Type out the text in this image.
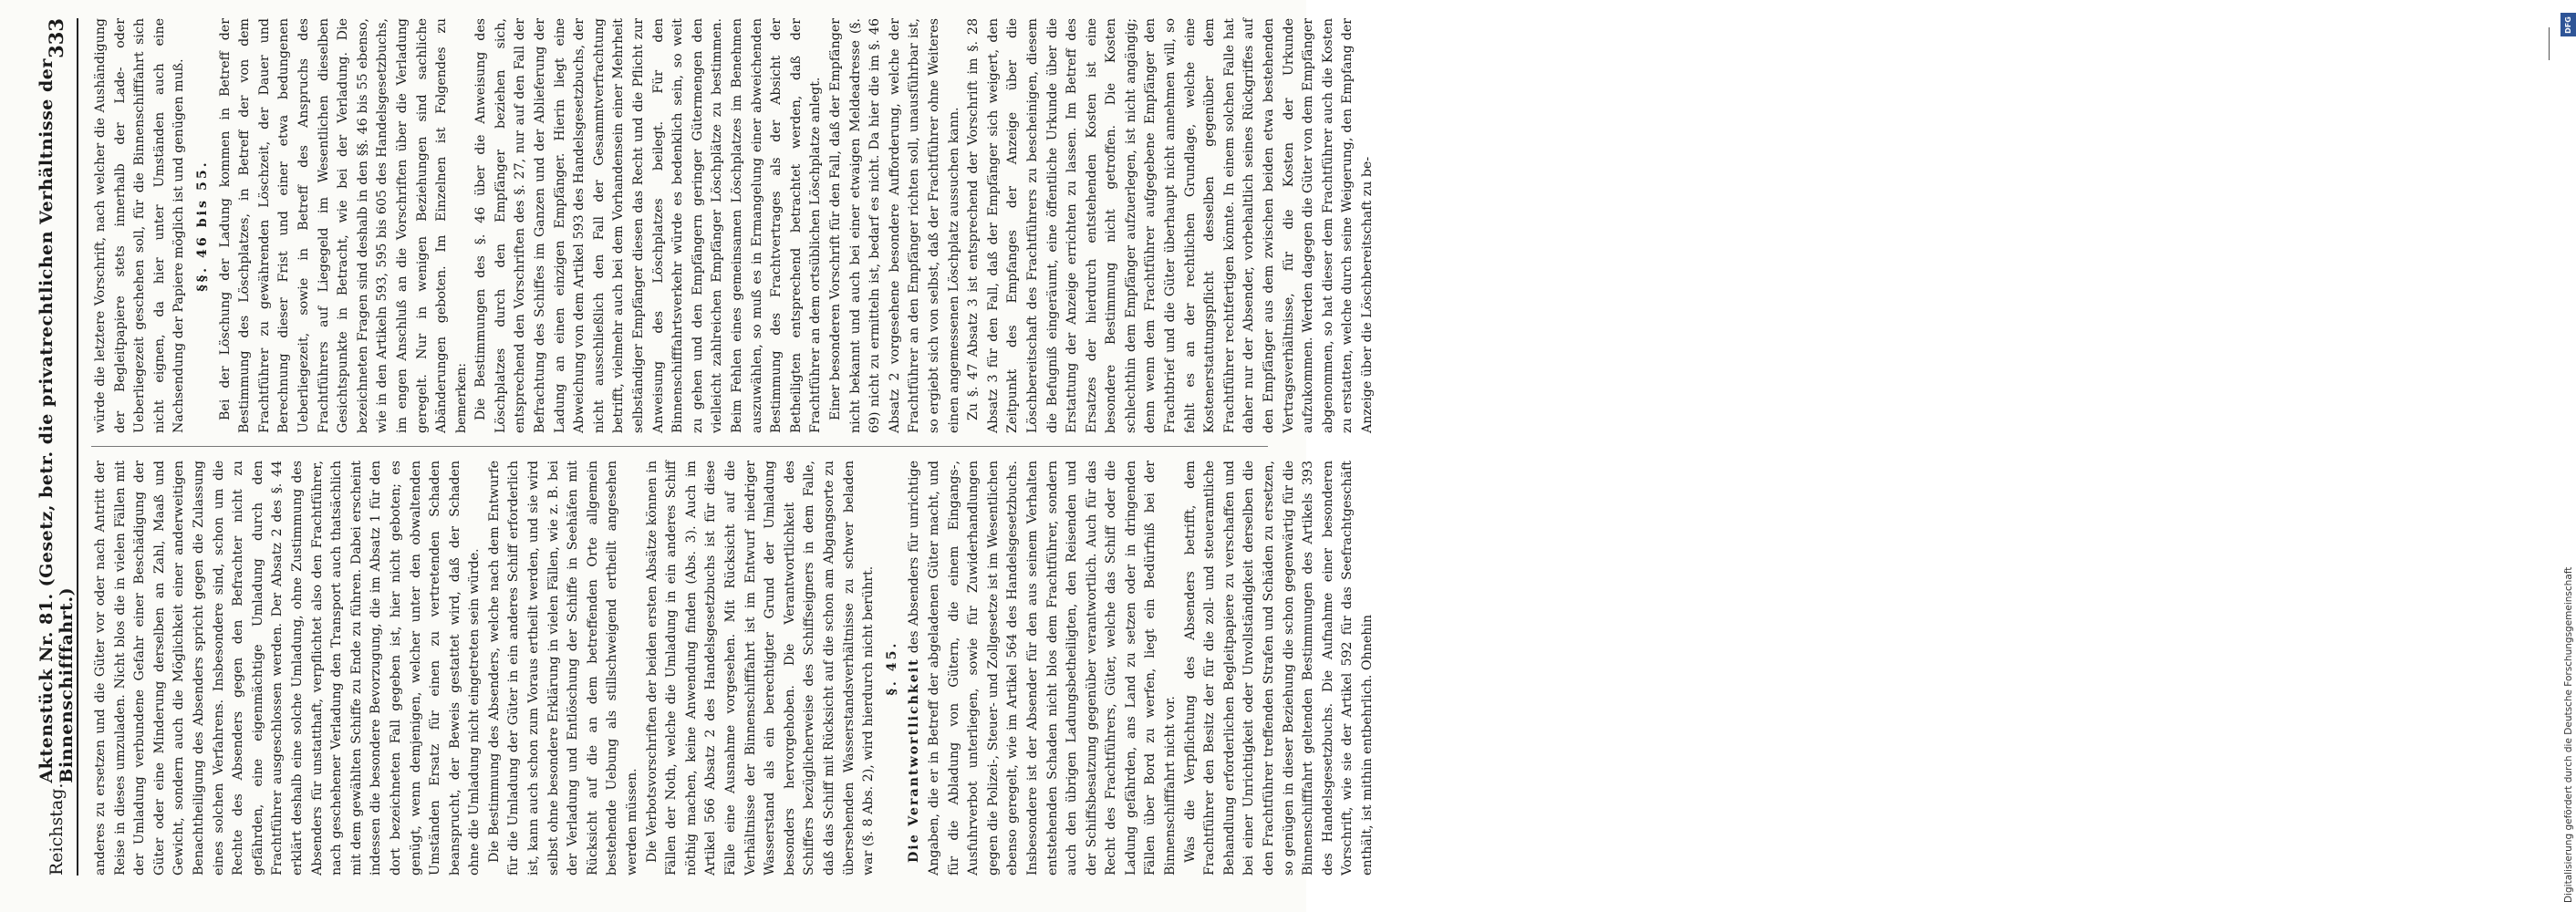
Reichstag.
Aktenstück Nr. 81. (Gesetz, betr. die privatrechtlichen Verhältnisse der Binnenschifffahrt.)
333

anderes zu ersetzen und die Güter vor oder nach Antritt der Reise in dieses umzuladen. Nicht blos die in vielen Fällen mit der Umladung verbundene Gefahr einer Beschädigung der Güter oder eine Minderung derselben an Zahl, Maaß und Gewicht, sondern auch die Möglichkeit einer anderweitigen Benachtheiligung des Absenders spricht gegen die Zulassung eines solchen Verfahrens. Insbesondere sind, schon um die Rechte des Absenders gegen den Befrachter nicht zu gefährden, eine eigenmächtige Umladung durch den Frachtführer ausgeschlossen werden. Der Absatz 2 des §. 44 erklärt deshalb eine solche Umladung, ohne Zustimmung des Absenders für unstatthaft, verpflichtet also den Frachtführer, nach geschehener Verladung den Transport auch thatsächlich mit dem gewählten Schiffe zu Ende zu führen. Dabei erscheint indessen die besondere Bevorzugung, die im Absatz 1 für den dort bezeichneten Fall gegeben ist, hier nicht geboten; es genügt, wenn demjenigen, welcher unter den obwaltenden Umständen Ersatz für einen zu vertretenden Schaden beansprucht, der Beweis gestattet wird, daß der Schaden ohne die Umladung nicht eingetreten sein würde. Die Bestimmung des Absenders, welche nach dem Entwurfe für die Umladung der Güter in ein anderes Schiff erforderlich ist, kann auch schon zum Voraus ertheilt werden, und sie wird selbst ohne besondere Erklärung in vielen Fällen, wie z. B. bei der Verladung und Entlöschung der Schiffe in Seehäfen mit Rücksicht auf die an dem betreffenden Orte allgemein bestehende Uebung als stillschweigend ertheilt angesehen werden müssen. Die Verbotsvorschriften der beiden ersten Absätze können in Fällen der Noth, welche die Umladung in ein anderes Schiff nöthig machen, keine Anwendung finden (Abs. 3). Auch im Artikel 566 Absatz 2 des Handelsgesetzbuchs ist für diese Fälle eine Ausnahme vorgesehen. Mit Rücksicht auf die Verhältnisse der Binnenschifffahrt ist im Entwurf niedriger Wasserstand als ein berechtigter Grund der Umladung besonders hervorgehoben. Die Verantwortlichkeit des Schiffers bezüglicherweise des Schiffseigners in dem Falle, daß das Schiff mit Rücksicht auf die schon am Abgangsorte zu übersehenden Wasserstandsverhältnisse zu schwer beladen war (§. 8 Abs. 2), wird hierdurch nicht berührt. §. 45. Die Verantwortlichkeit des Absenders für unrichtige Angaben, die er in Betreff der abgeladenen Güter macht, und für die Abladung von Gütern, die einem Eingangs-, Ausfuhrverbot unterliegen, sowie für Zuwiderhandlungen gegen die Polizei-, Steuer- und Zollgesetze ist im Wesentlichen ebenso geregelt, wie im Artikel 564 des Handelsgesetzbuchs. Insbesondere ist der Absender für den aus seinem Verhalten entstehenden Schaden nicht blos dem Frachtführer, sondern auch den übrigen Ladungsbetheiligten, den Reisenden und der Schiffsbesatzung gegenüber verantwortlich. Auch für das Recht des Frachtführers, Güter, welche das Schiff oder die Ladung gefährden, ans Land zu setzen oder in dringenden Fällen über Bord zu werfen, liegt ein Bedürfniß bei der Binnenschifffahrt nicht vor. Was die Verpflichtung des Absenders betrifft, dem Frachtführer den Besitz der für die zoll- und steueramtliche Behandlung erforderlichen Begleitpapiere zu verschaffen und bei einer Unrichtigkeit oder Unvollständigkeit derselben die den Frachtführer treffenden Strafen und Schäden zu ersetzen, so genügen in dieser Beziehung die schon gegenwärtig für die Binnenschifffahrt geltenden Bestimmungen des Artikels 393 des Handelsgesetzbuchs. Die Aufnahme einer besonderen Vorschrift, wie sie der Artikel 592 für das Seefrachtgeschäft enthält, ist mithin entbehrlich. Ohnehin

würde die letztere Vorschrift, nach welcher die Aushändigung der Begleitpapiere stets innerhalb der Lade- oder Ueberliegezeit geschehen soll, für die Binnenschifffahrt sich nicht eignen, da hier unter Umständen auch eine Nachsendung der Papiere möglich ist und genügen muß. §§. 46 bis 55. Bei der Löschung der Ladung kommen in Betreff der Bestimmung des Löschplatzes, in Betreff der von dem Frachtführer zu gewährenden Löschzeit, der Dauer und Berechnung dieser Frist und einer etwa bedungenen Ueberliegezeit, sowie in Betreff des Anspruchs des Frachtführers auf Liegegeld im Wesentlichen dieselben Gesichtspunkte in Betracht, wie bei der Verladung. Die bezeichneten Fragen sind deshalb in den §§. 46 bis 55 ebenso, wie in den Artikeln 593, 595 bis 605 des Handelsgesetzbuchs, im engen Anschluß an die Vorschriften über die Verladung geregelt. Nur in wenigen Beziehungen sind sachliche Abänderungen geboten. Im Einzelnen ist Folgendes zu bemerken: Die Bestimmungen des §. 46 über die Anweisung des Löschplatzes durch den Empfänger beziehen sich, entsprechend den Vorschriften des §. 27, nur auf den Fall der Befrachtung des Schiffes im Ganzen und der Ablieferung der Ladung an einen einzigen Empfänger. Hierin liegt eine Abweichung von dem Artikel 593 des Handelsgesetzbuchs, der nicht ausschließlich den Fall der Gesammtverfrachtung betrifft, vielmehr auch bei dem Vorhandensein einer Mehrheit selbständiger Empfänger diesen das Recht und die Pflicht zur Anweisung des Löschplatzes beilegt. Für den Binnenschifffahrtsverkehr würde es bedenklich sein, so weit zu gehen und den Empfängern geringer Gütermengen den vielleicht zahlreichen Empfänger Löschplätze zu bestimmen. Beim Fehlen eines gemeinsamen Löschplatzes im Benehmen auszuwählen, so muß es in Ermangelung einer abweichenden Bestimmung des Frachtvertrages als der Absicht der Betheiligten entsprechend betrachtet werden, daß der Frachtführer an dem ortsüblichen Löschplatze anlegt. Einer besonderen Vorschrift für den Fall, daß der Empfänger nicht bekannt und auch bei einer etwaigen Meldeadresse (§. 69) nicht zu ermitteln ist, bedarf es nicht. Da hier die im §. 46 Absatz 2 vorgesehene besondere Aufforderung, welche der Frachtführer an den Empfänger richten soll, unausführbar ist, so ergiebt sich von selbst, daß der Frachtführer ohne Weiteres einen angemessenen Löschplatz aussuchen kann. Zu §. 47 Absatz 3 ist entsprechend der Vorschrift im §. 28 Absatz 3 für den Fall, daß der Empfänger sich weigert, den Zeitpunkt des Empfanges der Anzeige über die Löschbereitschaft des Frachtführers zu bescheinigen, diesem die Befugniß eingeräumt, eine öffentliche Urkunde über die Erstattung der Anzeige errichten zu lassen. Im Betreff des Ersatzes der hierdurch entstehenden Kosten ist eine besondere Bestimmung nicht getroffen. Die Kosten schlechthin dem Empfänger aufzuerlegen, ist nicht angängig; denn wenn dem Frachtführer aufgegebene Empfänger den Frachtbrief und die Güter überhaupt nicht annehmen will, so fehlt es an der rechtlichen Grundlage, welche eine Kostenerstattungspflicht desselben gegenüber dem Frachtführer rechtfertigen könnte. In einem solchen Falle hat daher nur der Absender, vorbehaltlich seines Rückgriffes auf den Empfänger aus dem zwischen beiden etwa bestehenden Vertragsverhältnisse, für die Kosten der Urkunde aufzukommen. Werden dagegen die Güter von dem Empfänger abgenommen, so hat dieser dem Frachtführer auch die Kosten zu erstatten, welche durch seine Weigerung, den Empfang der Anzeige über die Löschbereitschaft zu be-

DFG
Digitalisierung gefördert durch die Deutsche Forschungsgemeinschaft
